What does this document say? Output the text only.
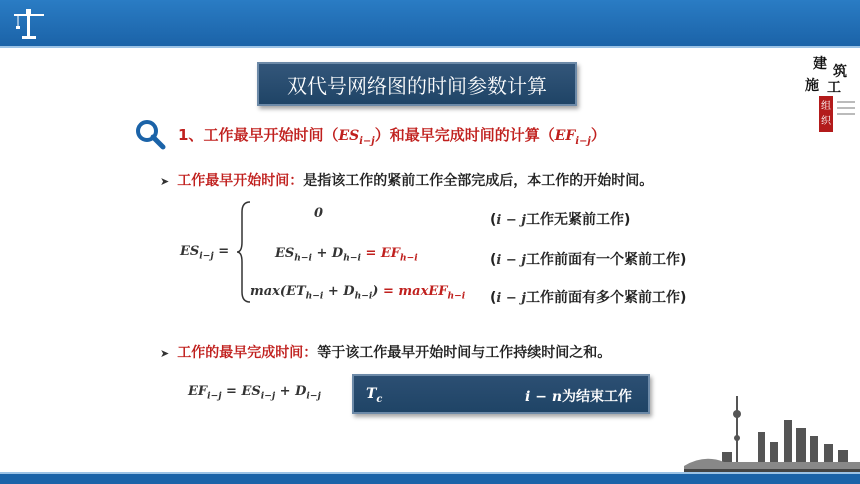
双代号网络图的时间参数计算
建 筑
施 工
组
织
1、工作最早开始时间$(ES_{i-j})$和最早完成时间的计算$(EF_{i-j})$
➤ 工作最早开始时间：是指该工作的紧前工作全部完成后，本工作的开始时间。
$ES_{i-j}$ =
0	(i − j工作无紧前工作)
$ES_{h-i} + D_{h-i} = EF_{h-i}$	(i − j工作前面有一个紧前工作)
$\max(ET_{h-i} + D_{h-i})$ = maxEF$_{h-i}$ (i − j工作前面有多个紧前工作)
➤ 工作的最早完成时间：等于该工作最早开始时间与工作持续时间之和。
$EF_{i-j} = ES_{i-j} + D_{i-j}$	$T_c$	i − n为结束工作
